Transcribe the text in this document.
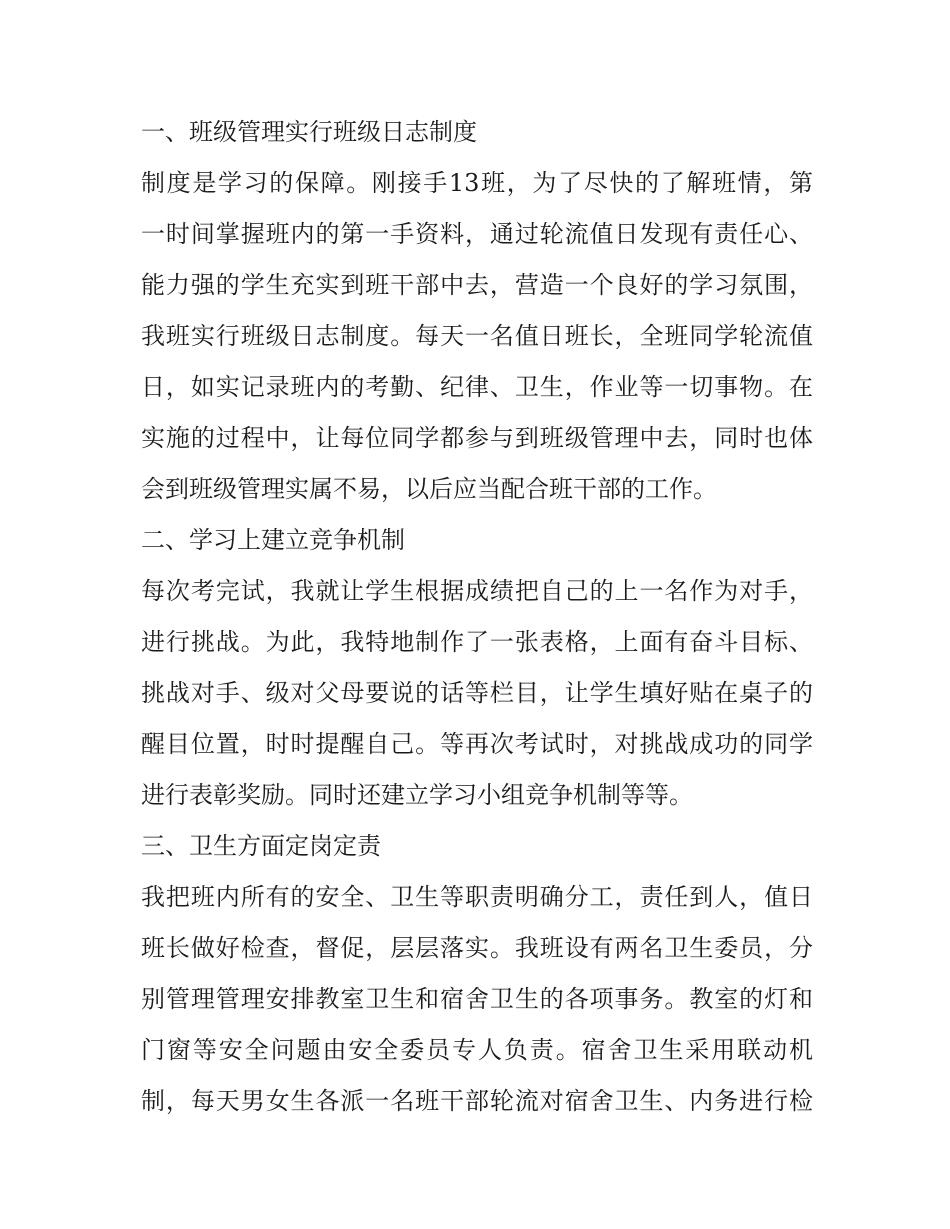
一、班级管理实行班级日志制度
制度是学习的保障。刚接手13班，为了尽快的了解班情，第
一时间掌握班内的第一手资料，通过轮流值日发现有责任心、
能力强的学生充实到班干部中去，营造一个良好的学习氛围，
我班实行班级日志制度。每天一名值日班长，全班同学轮流值
日，如实记录班内的考勤、纪律、卫生，作业等一切事物。在
实施的过程中，让每位同学都参与到班级管理中去，同时也体
会到班级管理实属不易，以后应当配合班干部的工作。
二、学习上建立竞争机制
每次考完试，我就让学生根据成绩把自己的上一名作为对手，
进行挑战。为此，我特地制作了一张表格，上面有奋斗目标、
挑战对手、级对父母要说的话等栏目，让学生填好贴在桌子的
醒目位置，时时提醒自己。等再次考试时，对挑战成功的同学
进行表彰奖励。同时还建立学习小组竞争机制等等。
三、卫生方面定岗定责
我把班内所有的安全、卫生等职责明确分工，责任到人，值日
班长做好检查，督促，层层落实。我班设有两名卫生委员，分
别管理管理安排教室卫生和宿舍卫生的各项事务。教室的灯和
门窗等安全问题由安全委员专人负责。宿舍卫生采用联动机
制，每天男女生各派一名班干部轮流对宿舍卫生、内务进行检
